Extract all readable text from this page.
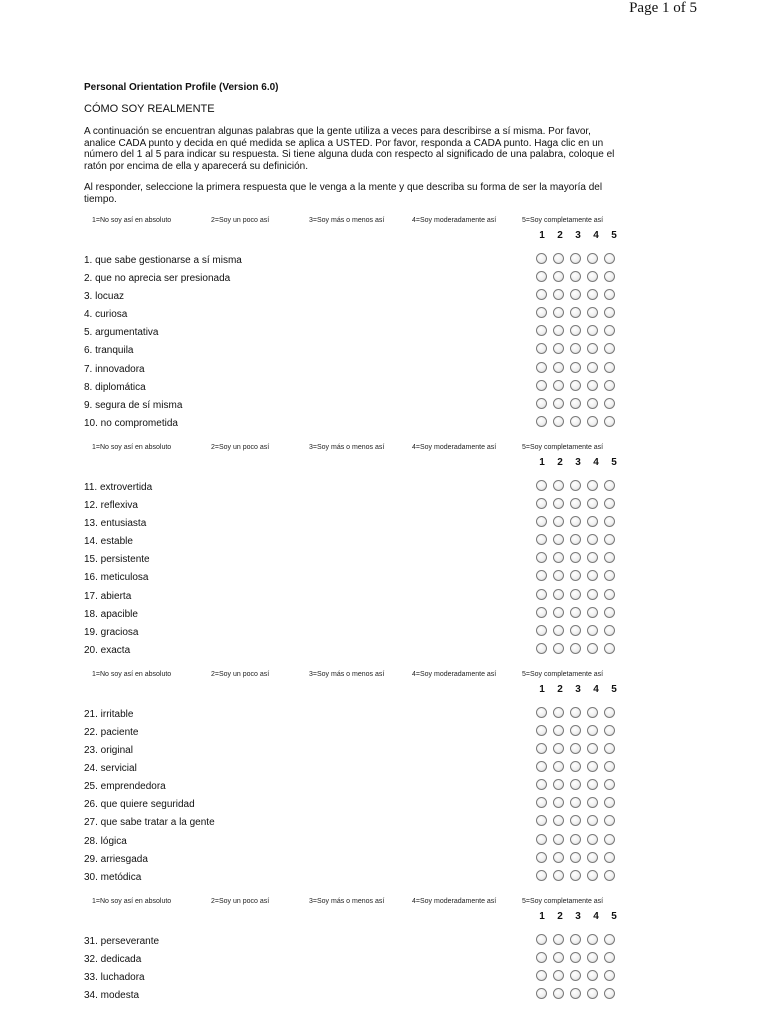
Page 1 of 5
Personal Orientation Profile (Version 6.0)
CÓMO SOY REALMENTE
A continuación se encuentran algunas palabras que la gente utiliza a veces para describirse a sí misma. Por favor, analice CADA punto y decida en qué medida se aplica a USTED. Por favor, responda a CADA punto. Haga clic en un número del 1 al 5 para indicar su respuesta. Si tiene alguna duda con respecto al significado de una palabra, coloque el ratón por encima de ella y aparecerá su definición.
Al responder, seleccione la primera respuesta que le venga a la mente y que describa su forma de ser la mayoría del tiempo.
1=No soy así en absoluto	2=Soy un poco así	3=Soy más o menos así	4=Soy moderadamente así	5=Soy completamente así
1	2	3	4	5
1. que sabe gestionarse a sí misma
2. que no aprecia ser presionada
3. locuaz
4. curiosa
5. argumentativa
6. tranquila
7. innovadora
8. diplomática
9. segura de sí misma
10. no comprometida
1=No soy así en absoluto	2=Soy un poco así	3=Soy más o menos así	4=Soy moderadamente así	5=Soy completamente así
1	2	3	4	5
11. extrovertida
12. reflexiva
13. entusiasta
14. estable
15. persistente
16. meticulosa
17. abierta
18. apacible
19. graciosa
20. exacta
1=No soy así en absoluto	2=Soy un poco así	3=Soy más o menos así	4=Soy moderadamente así	5=Soy completamente así
1	2	3	4	5
21. irritable
22. paciente
23. original
24. servicial
25. emprendedora
26. que quiere seguridad
27. que sabe tratar a la gente
28. lógica
29. arriesgada
30. metódica
1=No soy así en absoluto	2=Soy un poco así	3=Soy más o menos así	4=Soy moderadamente así	5=Soy completamente así
1	2	3	4	5
31. perseverante
32. dedicada
33. luchadora
34. modesta
